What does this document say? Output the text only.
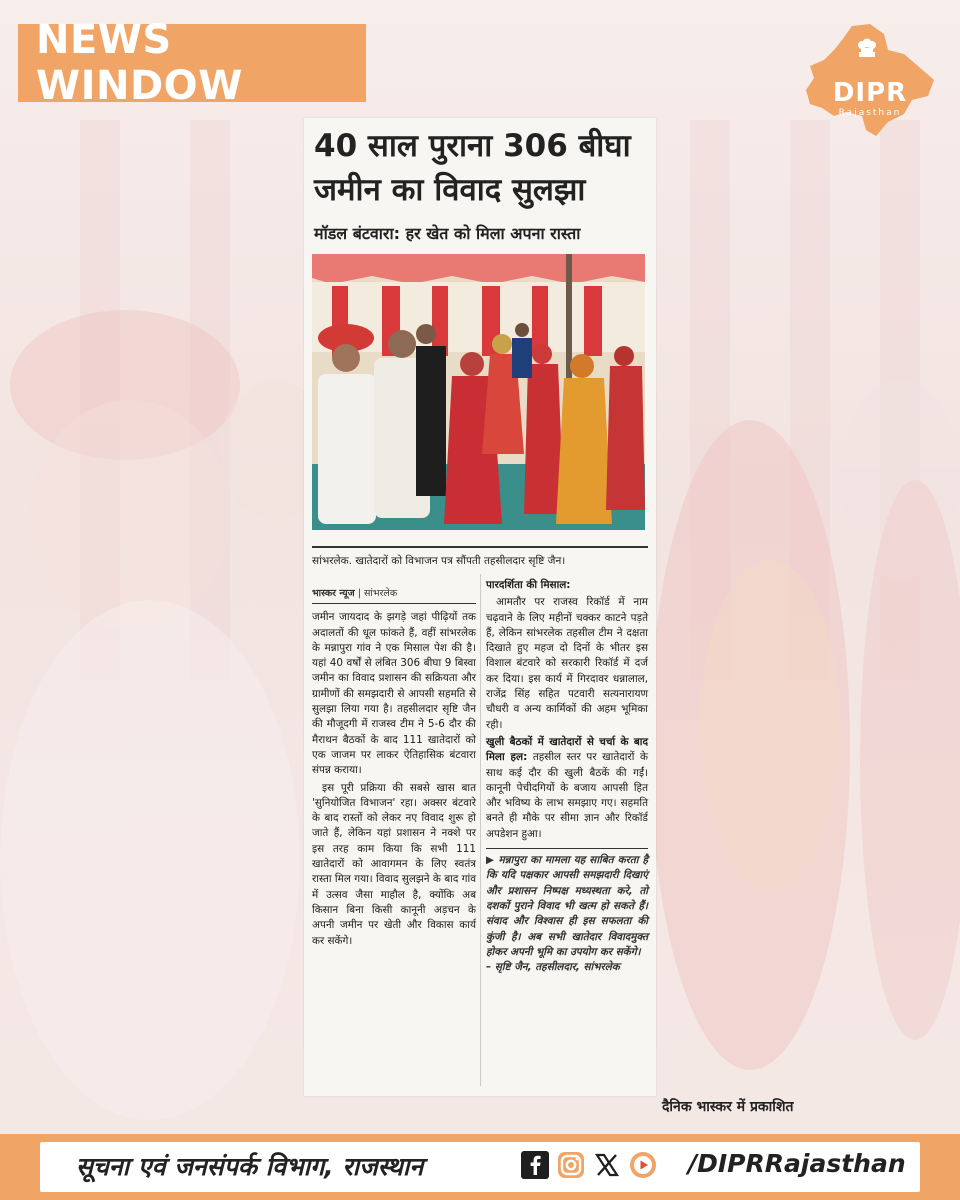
NEWS WINDOW	DIPR
Rajasthan
40 साल पुराना 306 बीघा
जमीन का विवाद सुलझा
मॉडल बंटवारा: हर खेत को मिला अपना रास्ता
सांभरलेक. खातेदारों को विभाजन पत्र सौंपती तहसीलदार सृष्टि जैन।
भास्कर न्यूज | सांभरलेक

जमीन जायदाद के झगड़े जहां पीढ़ियों तक अदालतों की धूल फांकते हैं, वहीं सांभरलेक के मन्नापुरा गांव ने एक मिसाल पेश की है। यहां 40 वर्षों से लंबित 306 बीघा 9 बिस्वा जमीन का विवाद प्रशासन की सक्रियता और ग्रामीणों की समझदारी से आपसी सहमति से सुलझा लिया गया है। तहसीलदार सृष्टि जैन की मौजूदगी में राजस्व टीम ने 5-6 दौर की मैराथन बैठकों के बाद 111 खातेदारों को एक जाजम पर लाकर ऐतिहासिक बंटवारा संपन्न कराया।

इस पूरी प्रक्रिया की सबसे खास बात 'सुनियोजित विभाजन' रहा। अक्सर बंटवारे के बाद रास्तों को लेकर नए विवाद शुरू हो जाते हैं, लेकिन यहां प्रशासन ने नक्शे पर इस तरह काम किया कि सभी 111 खातेदारों को आवागमन के लिए स्वतंत्र रास्ता मिल गया। विवाद सुलझने के बाद गांव में उत्सव जैसा माहौल है, क्योंकि अब किसान बिना किसी कानूनी अड़चन के अपनी जमीन पर खेती और विकास कार्य कर सकेंगे।

पारदर्शिता की मिसाल:

आमतौर पर राजस्व रिकॉर्ड में नाम चढ़वाने के लिए महीनों चक्कर काटने पड़ते हैं, लेकिन सांभरलेक तहसील टीम ने दक्षता दिखाते हुए महज दो दिनों के भीतर इस विशाल बंटवारे को सरकारी रिकॉर्ड में दर्ज कर दिया। इस कार्य में गिरदावर धन्नालाल, राजेंद्र सिंह सहित पटवारी सत्यनारायण चौधरी व अन्य कार्मिकों की अहम भूमिका रही।

खुली बैठकों में खातेदारों से चर्चा के बाद मिला हल: तहसील स्तर पर खातेदारों के साथ कई दौर की खुली बैठकें की गईं। कानूनी पेचीदगियों के बजाय आपसी हित और भविष्य के लाभ समझाए गए। सहमति बनते ही मौके पर सीमा ज्ञान और रिकॉर्ड अपडेशन हुआ।

▶ मन्नापुरा का मामला यह साबित करता है कि यदि पक्षकार आपसी समझदारी दिखाएं और प्रशासन निष्पक्ष मध्यस्थता करे, तो दशकों पुराने विवाद भी खत्म हो सकते हैं। संवाद और विश्वास ही इस सफलता की कुंजी है। अब सभी खातेदार विवादमुक्त होकर अपनी भूमि का उपयोग कर सकेंगे।
– सृष्टि जैन, तहसीलदार, सांभरलेक
दैनिक भास्कर में प्रकाशित
सूचना एवं जनसंपर्क विभाग, राजस्थान	/DIPRRajasthan
